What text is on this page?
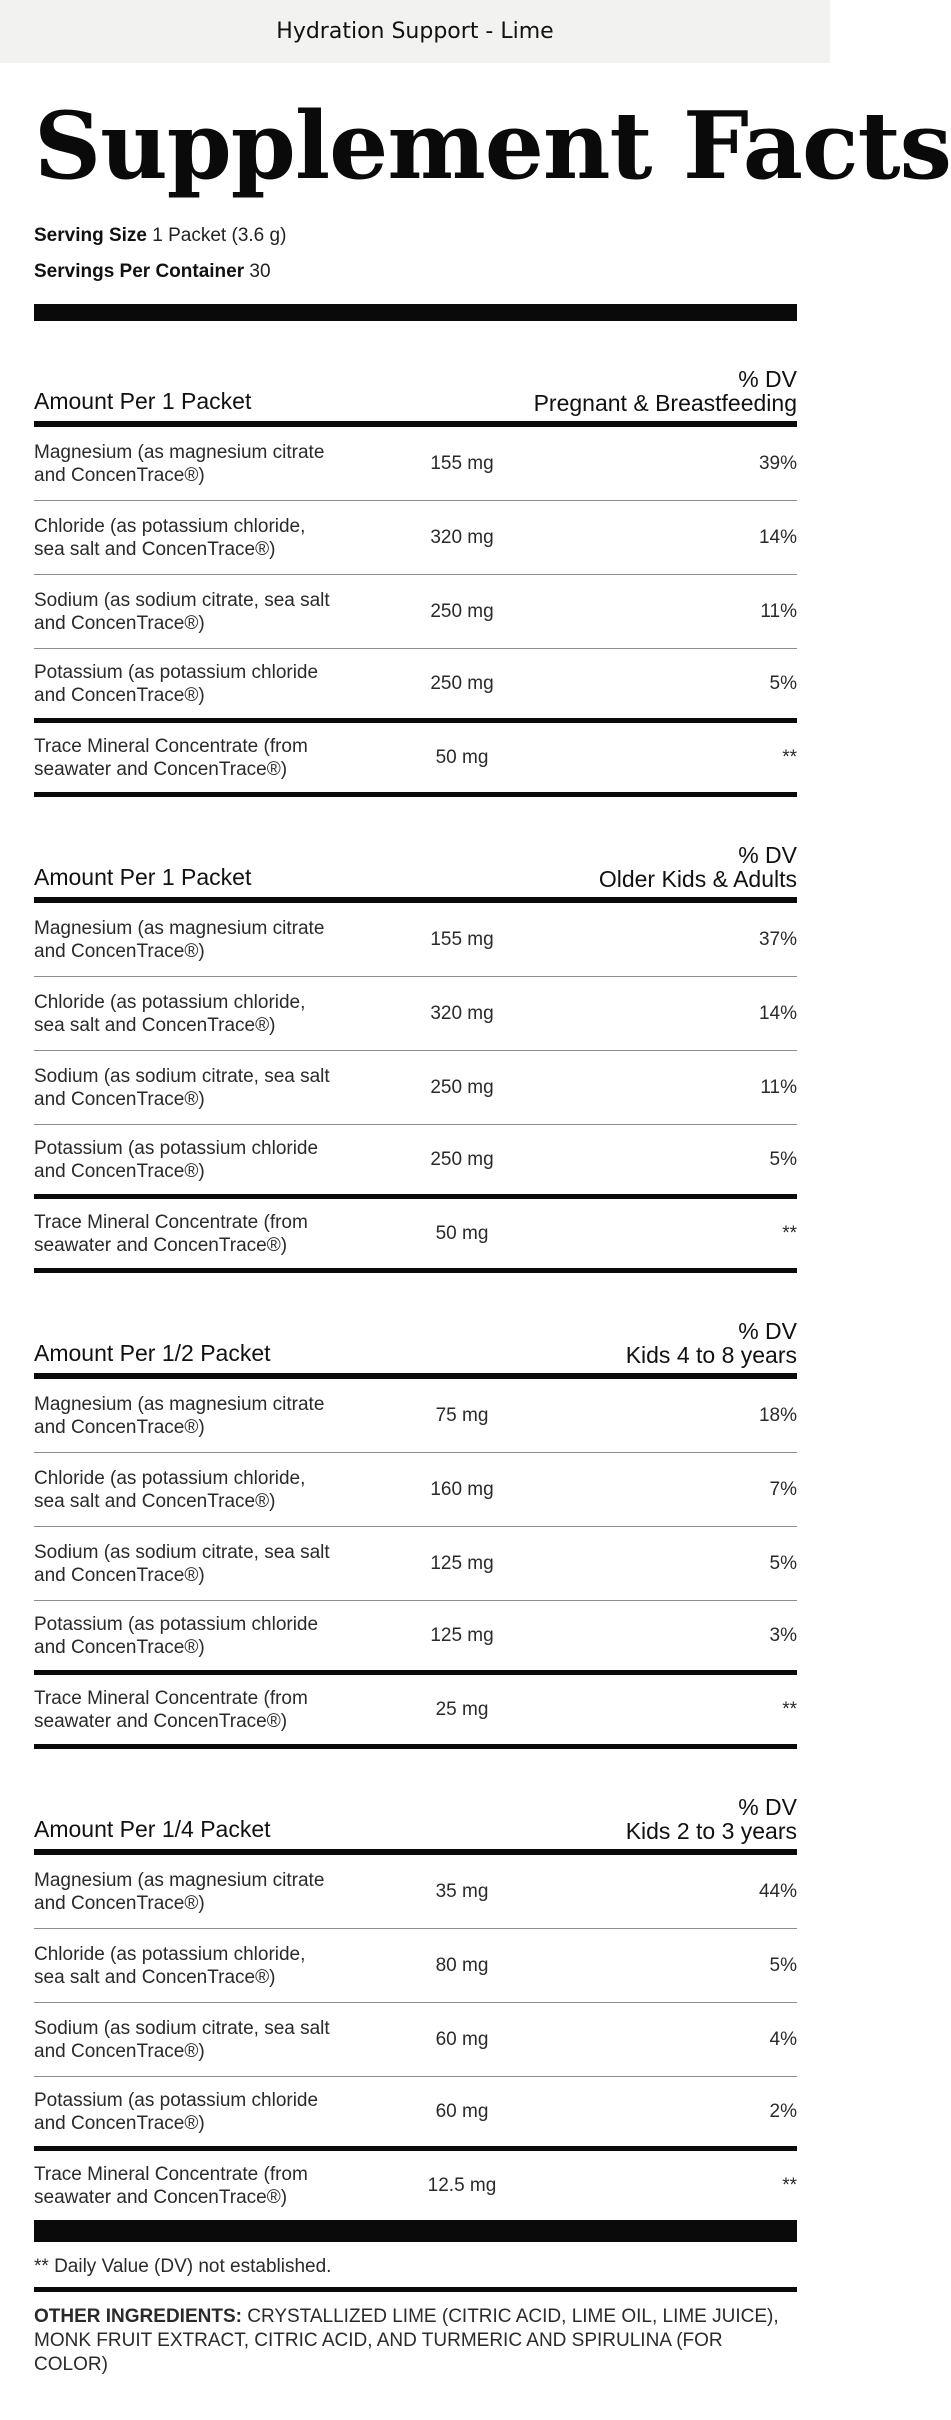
Hydration Support - Lime
Supplement Facts
Serving Size 1 Packet (3.6 g)
Servings Per Container 30
Amount Per 1 Packet
% DV
Pregnant & Breastfeeding
Magnesium (as magnesium citrate
and ConcenTrace®)
155 mg	39%
Chloride (as potassium chloride,
sea salt and ConcenTrace®)
320 mg	14%
Sodium (as sodium citrate, sea salt
and ConcenTrace®)
250 mg	11%
Potassium (as potassium chloride
and ConcenTrace®)
250 mg	5%
Trace Mineral Concentrate (from
seawater and ConcenTrace®)
50 mg	**
Amount Per 1 Packet
% DV
Older Kids & Adults
Magnesium (as magnesium citrate
and ConcenTrace®)
155 mg	37%
Chloride (as potassium chloride,
sea salt and ConcenTrace®)
320 mg	14%
Sodium (as sodium citrate, sea salt
and ConcenTrace®)
250 mg	11%
Potassium (as potassium chloride
and ConcenTrace®)
250 mg	5%
Trace Mineral Concentrate (from
seawater and ConcenTrace®)
50 mg	**
Amount Per 1/2 Packet
% DV
Kids 4 to 8 years
Magnesium (as magnesium citrate
and ConcenTrace®)
75 mg	18%
Chloride (as potassium chloride,
sea salt and ConcenTrace®)
160 mg	7%
Sodium (as sodium citrate, sea salt
and ConcenTrace®)
125 mg	5%
Potassium (as potassium chloride
and ConcenTrace®)
125 mg	3%
Trace Mineral Concentrate (from
seawater and ConcenTrace®)
25 mg	**
Amount Per 1/4 Packet
% DV
Kids 2 to 3 years
Magnesium (as magnesium citrate
and ConcenTrace®)
35 mg	44%
Chloride (as potassium chloride,
sea salt and ConcenTrace®)
80 mg	5%
Sodium (as sodium citrate, sea salt
and ConcenTrace®)
60 mg	4%
Potassium (as potassium chloride
and ConcenTrace®)
60 mg	2%
Trace Mineral Concentrate (from
seawater and ConcenTrace®)
12.5 mg	**
** Daily Value (DV) not established.
OTHER INGREDIENTS: CRYSTALLIZED LIME (CITRIC ACID, LIME OIL, LIME JUICE),
MONK FRUIT EXTRACT, CITRIC ACID, AND TURMERIC AND SPIRULINA (FOR
COLOR)
